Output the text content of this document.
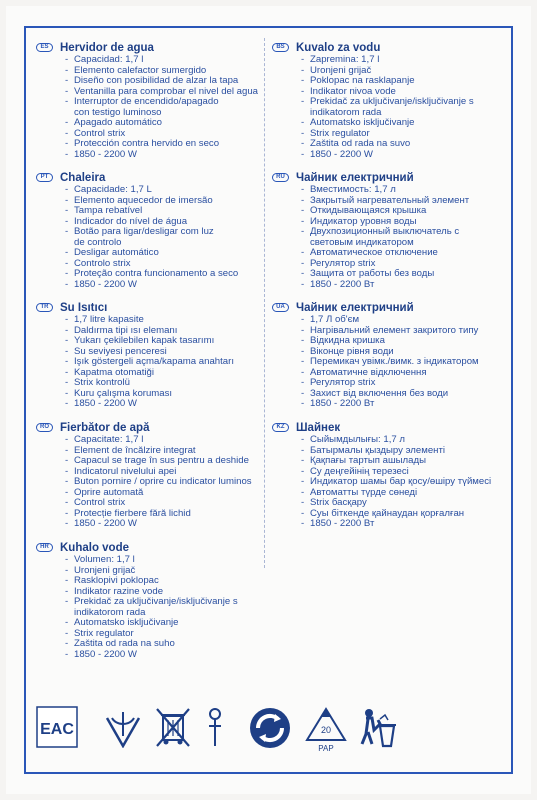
ES	Hervidor de agua
- Capacidad: 1,7 l
- Elemento calefactor sumergido
- Diseño con posibilidad de alzar la tapa
- Ventanilla para comprobar el nivel del agua
- Interruptor de encendido/apagado
con testigo luminoso
- Apagado automático
- Control strix
- Protección contra hervido en seco
- 1850 - 2200 W
PT	Chaleira
- Capacidade: 1,7 L
- Elemento aquecedor de imersão
- Tampa rebatível
- Indicador do nível de água
- Botão para ligar/desligar com luz
de controlo
- Desligar automático
- Controlo strix
- Proteção contra funcionamento a seco
- 1850 - 2200 W
TR	Su Isıtıcı
- 1,7 litre kapasite
- Daldırma tipi ısı elemanı
- Yukarı çekilebilen kapak tasarımı
- Su seviyesi penceresi
- Işık göstergeli açma/kapama anahtarı
- Kapatma otomatiği
- Strix kontrolü
- Kuru çalışma koruması
- 1850 - 2200 W
RO Fierbător de apă
- Capacitate: 1,7 l
- Element de încălzire integrat
- Capacul se trage în sus pentru a deshide
- Indicatorul nivelului apei
- Buton pornire / oprire cu indicator luminos
- Oprire automată
- Control strix
- Protecție fierbere fără lichid
- 1850 - 2200 W
HR Kuhalo vode
- Volumen: 1,7 l
- Uronjeni grijač
- Rasklopivi poklopac
- Indikator razine vode
- Prekidač za uključivanje/isključivanje s
indikatorom rada
- Automatsko isključivanje
- Strix regulator
- Zaštita od rada na suho
- 1850 - 2200 W
BS Kuvalo za vodu
- Zapremina: 1,7 l
- Uronjeni grijač
- Poklopac na rasklapanje
- Indikator nivoa vode
- Prekidač za uključivanje/isključivanje s
indikatorom rada
- Automatsko isključivanje
- Strix regulator
- Zaštita od rada na suvo
- 1850 - 2200 W
RU Чайник електричний
- Вместимость: 1,7 л
- Закрытый нагревательный элемент
- Откидывающаяся крышка
- Индикатор уровня воды
- Двухпозиционный выключатель с
световым индикатором
- Автоматическое отключение
- Регулятор strix
- Защита от работы без воды
- 1850 - 2200 Вт
UA Чайник електричний
- 1,7 Л об'єм
- Нагрівальний елемент закритого типу
- Відкидна кришка
- Віконце рівня води
- Перемикач увімк./вимк. з індикатором
- Автоматичне відключення
- Регулятор strix
- Захист від включення без води
- 1850 - 2200 Вт
KZ	Шайнек
- Сыйымдылығы: 1,7 л
- Батырмалы қыздыру элементі
- Қақпағы тартып ашылады
- Су деңгейінің терезесі
- Индикатор шамы бар қосу/өшіру түймесі
- Автоматты түрде сөнеді
- Strix басқару
- Суы біткенде қайнаудан қорғалған
- 1850 - 2200 Вт
EAC	20
PAP
